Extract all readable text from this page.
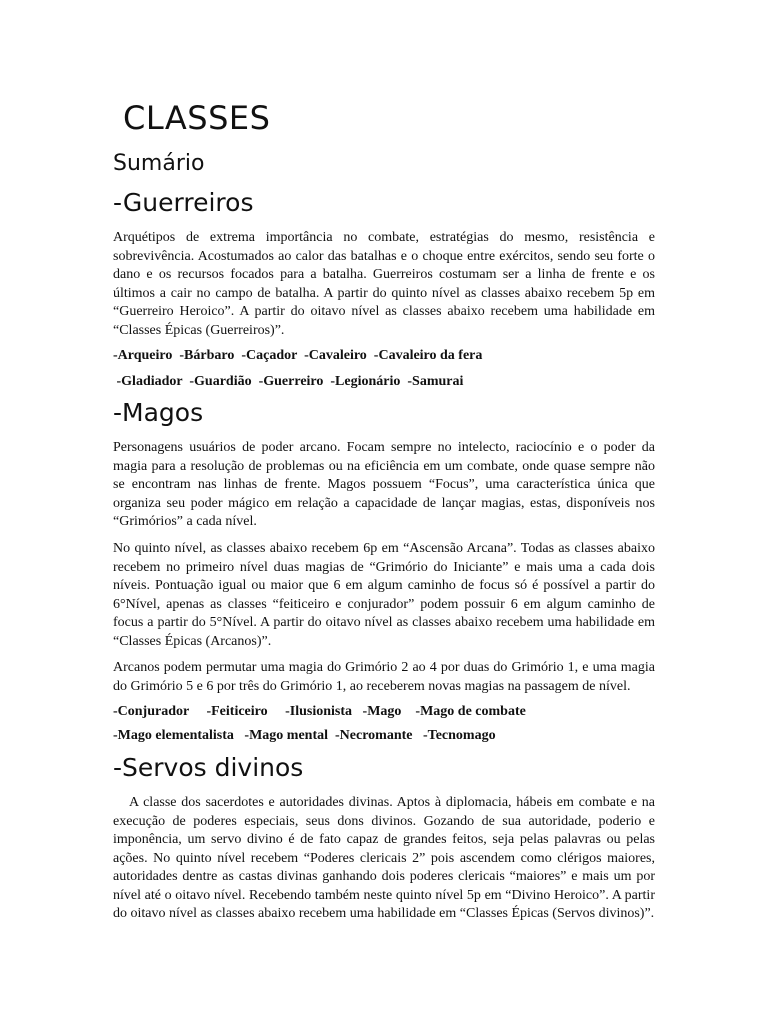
CLASSES
Sumário
-Guerreiros

Arquétipos de extrema importância no combate, estratégias do mesmo, resistência e sobrevivência. Acostumados ao calor das batalhas e o choque entre exércitos, sendo seu forte o dano e os recursos focados para a batalha. Guerreiros costumam ser a linha de frente e os últimos a cair no campo de batalha. A partir do quinto nível as classes abaixo recebem 5p em “Guerreiro Heroico”. A partir do oitavo nível as classes abaixo recebem uma habilidade em “Classes Épicas (Guerreiros)”.

-Arqueiro  -Bárbaro  -Caçador  -Cavaleiro  -Cavaleiro da fera

-Gladiador  -Guardião  -Guerreiro  -Legionário  -Samurai

-Magos

Personagens usuários de poder arcano. Focam sempre no intelecto, raciocínio e o poder da magia para a resolução de problemas ou na eficiência em um combate, onde quase sempre não se encontram nas linhas de frente. Magos possuem “Focus”, uma característica única que organiza seu poder mágico em relação a capacidade de lançar magias, estas, disponíveis nos “Grimórios” a cada nível.

No quinto nível, as classes abaixo recebem 6p em “Ascensão Arcana”. Todas as classes abaixo recebem no primeiro nível duas magias de “Grimório do Iniciante” e mais uma a cada dois níveis. Pontuação igual ou maior que 6 em algum caminho de focus só é possível a partir do 6°Nível, apenas as classes “feiticeiro e conjurador” podem possuir 6 em algum caminho de focus a partir do 5°Nível. A partir do oitavo nível as classes abaixo recebem uma habilidade em “Classes Épicas (Arcanos)”.

Arcanos podem permutar uma magia do Grimório 2 ao 4 por duas do Grimório 1, e uma magia do Grimório 5 e 6 por três do Grimório 1, ao receberem novas magias na passagem de nível.

-Conjurador     -Feiticeiro     -Ilusionista   -Mago    -Mago de combate

-Mago elementalista   -Mago mental  -Necromante   -Tecnomago

-Servos divinos

A classe dos sacerdotes e autoridades divinas. Aptos à diplomacia, hábeis em combate e na execução de poderes especiais, seus dons divinos. Gozando de sua autoridade, poderio e imponência, um servo divino é de fato capaz de grandes feitos, seja pelas palavras ou pelas ações. No quinto nível recebem “Poderes clericais 2” pois ascendem como clérigos maiores, autoridades dentre as castas divinas ganhando dois poderes clericais “maiores” e mais um por nível até o oitavo nível. Recebendo também neste quinto nível 5p em “Divino Heroico”. A partir do oitavo nível as classes abaixo recebem uma habilidade em “Classes Épicas (Servos divinos)”.
